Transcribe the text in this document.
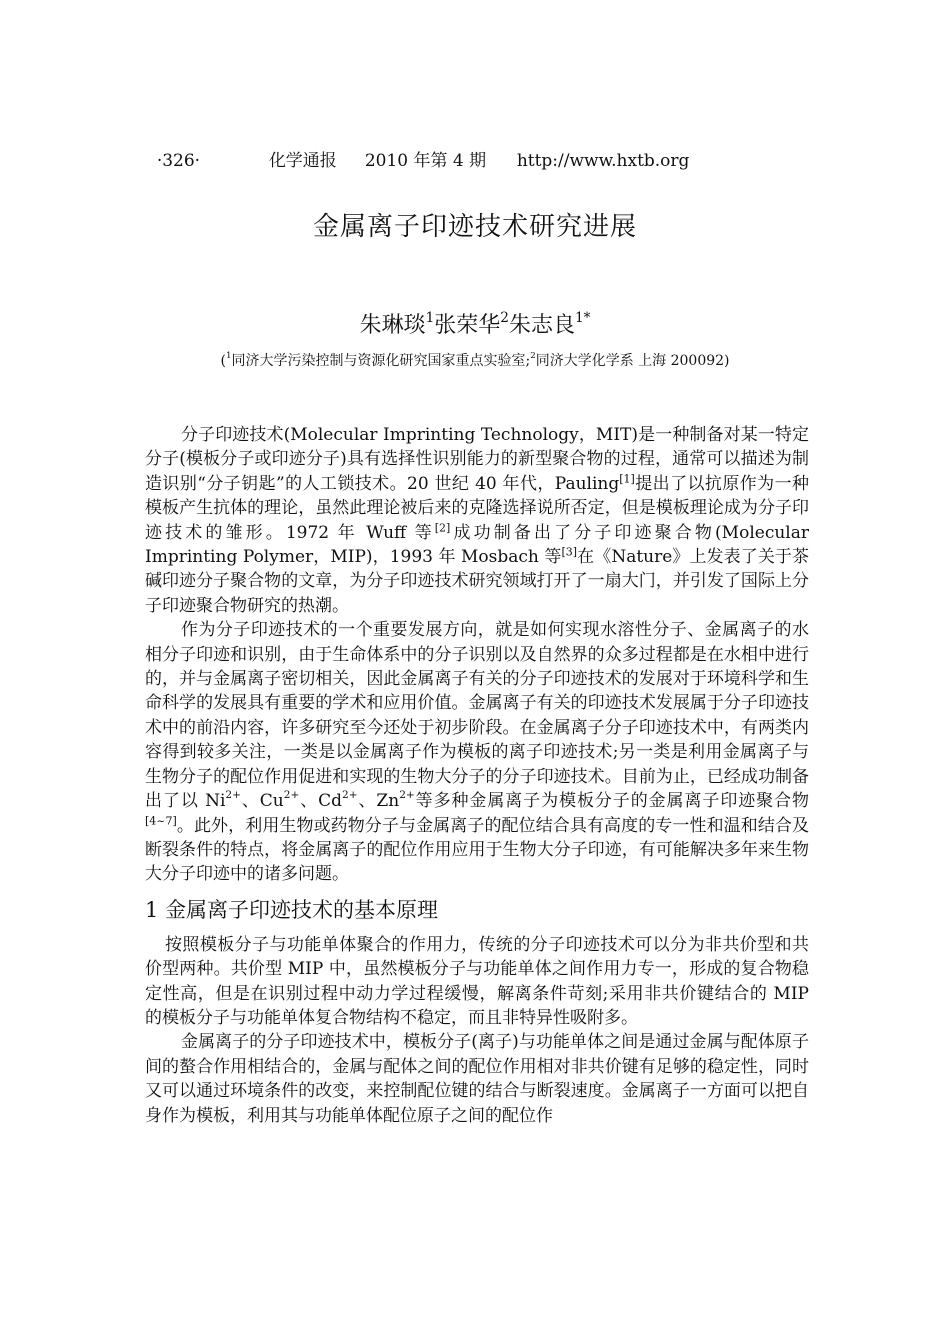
·326·	化学通报 2010 年第 4 期 http://www.hxtb.org

金属离子印迹技术研究进展
朱琳琰$^1$张荣华$^2$朱志良$^{1*}$
($^1$同济大学污染控制与资源化研究国家重点实验室;$^2$同济大学化学系 上海 200092)

分子印迹技术(Molecular Imprinting Technology，MIT)是一种制备对某一特定分子(模板分子或印迹分子)具有选择性识别能力的新型聚合物的过程，通常可以描述为制造识别“分子钥匙”的人工锁技术。20 世纪 40 年代，Pauling[1]提出了以抗原作为一种模板产生抗体的理论，虽然此理论被后来的克隆选择说所否定，但是模板理论成为分子印迹技术的雏形。1972 年 Wuff 等[2]成功制备出了分子印迹聚合物(Molecular Imprinting Polymer，MIP)，1993 年 Mosbach 等[3]在《Nature》上发表了关于茶碱印迹分子聚合物的文章，为分子印迹技术研究领域打开了一扇大门，并引发了国际上分子印迹聚合物研究的热潮。

作为分子印迹技术的一个重要发展方向，就是如何实现水溶性分子、金属离子的水相分子印迹和识别，由于生命体系中的分子识别以及自然界的众多过程都是在水相中进行的，并与金属离子密切相关，因此金属离子有关的分子印迹技术的发展对于环境科学和生命科学的发展具有重要的学术和应用价值。金属离子有关的印迹技术发展属于分子印迹技术中的前沿内容，许多研究至今还处于初步阶段。在金属离子分子印迹技术中，有两类内容得到较多关注，一类是以金属离子作为模板的离子印迹技术;另一类是利用金属离子与生物分子的配位作用促进和实现的生物大分子的分子印迹技术。目前为止，已经成功制备出了以 $Ni^{2+}$、$Cu^{2+}$、$Cd^{2+}$、$Zn^{2+}$等多种金属离子为模板分子的金属离子印迹聚合物[4~7]。此外，利用生物或药物分子与金属离子的配位结合具有高度的专一性和温和结合及断裂条件的特点，将金属离子的配位作用应用于生物大分子印迹，有可能解决多年来生物大分子印迹中的诸多问题。

1 金属离子印迹技术的基本原理

按照模板分子与功能单体聚合的作用力，传统的分子印迹技术可以分为非共价型和共价型两种。共价型 MIP 中，虽然模板分子与功能单体之间作用力专一，形成的复合物稳定性高，但是在识别过程中动力学过程缓慢，解离条件苛刻;采用非共价键结合的 MIP 的模板分子与功能单体复合物结构不稳定，而且非特异性吸附多。

金属离子的分子印迹技术中，模板分子(离子)与功能单体之间是通过金属与配体原子间的螯合作用相结合的，金属与配体之间的配位作用相对非共价键有足够的稳定性，同时又可以通过环境条件的改变，来控制配位键的结合与断裂速度。金属离子一方面可以把自身作为模板，利用其与功能单体配位原子之间的配位作
